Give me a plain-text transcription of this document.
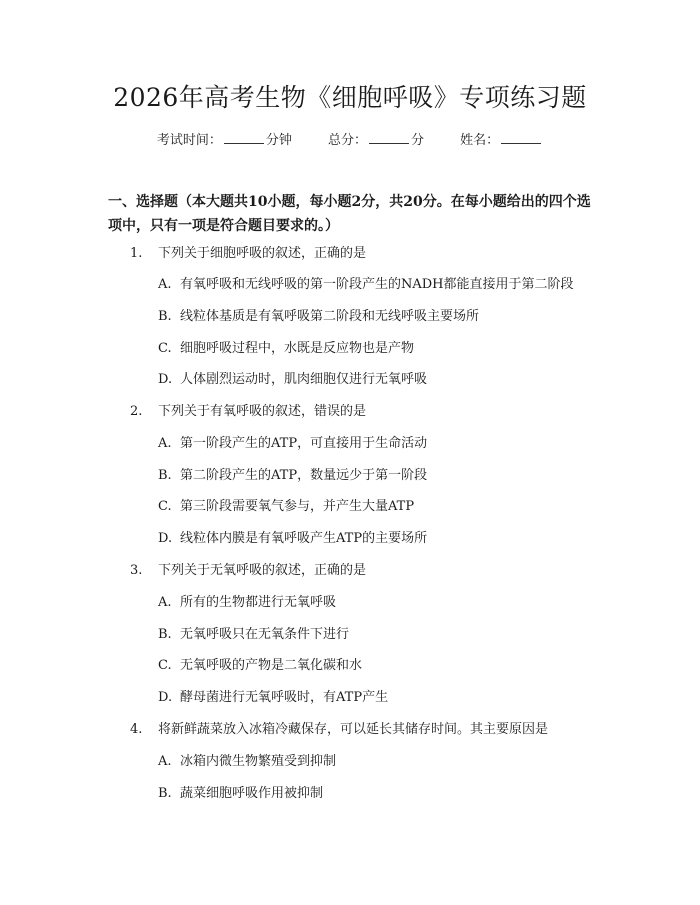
2026年高考生物《细胞呼吸》专项练习题
考试时间：	分钟	总分：	分	姓名：
一、选择题（本大题共10小题，每小题2分，共20分。在每小题给出的四个选项中，只有一项是符合题目要求的。）
1. 下列关于细胞呼吸的叙述，正确的是
A. 有氧呼吸和无线呼吸的第一阶段产生的NADH都能直接用于第二阶段
B. 线粒体基质是有氧呼吸第二阶段和无线呼吸主要场所
C. 细胞呼吸过程中，水既是反应物也是产物
D. 人体剧烈运动时，肌肉细胞仅进行无氧呼吸
2. 下列关于有氧呼吸的叙述，错误的是
A. 第一阶段产生的ATP，可直接用于生命活动
B. 第二阶段产生的ATP，数量远少于第一阶段
C. 第三阶段需要氧气参与，并产生大量ATP
D. 线粒体内膜是有氧呼吸产生ATP的主要场所
3. 下列关于无氧呼吸的叙述，正确的是
A. 所有的生物都进行无氧呼吸
B. 无氧呼吸只在无氧条件下进行
C. 无氧呼吸的产物是二氧化碳和水
D. 酵母菌进行无氧呼吸时，有ATP产生
4. 将新鲜蔬菜放入冰箱冷藏保存，可以延长其储存时间。其主要原因是
A. 冰箱内微生物繁殖受到抑制
B. 蔬菜细胞呼吸作用被抑制
